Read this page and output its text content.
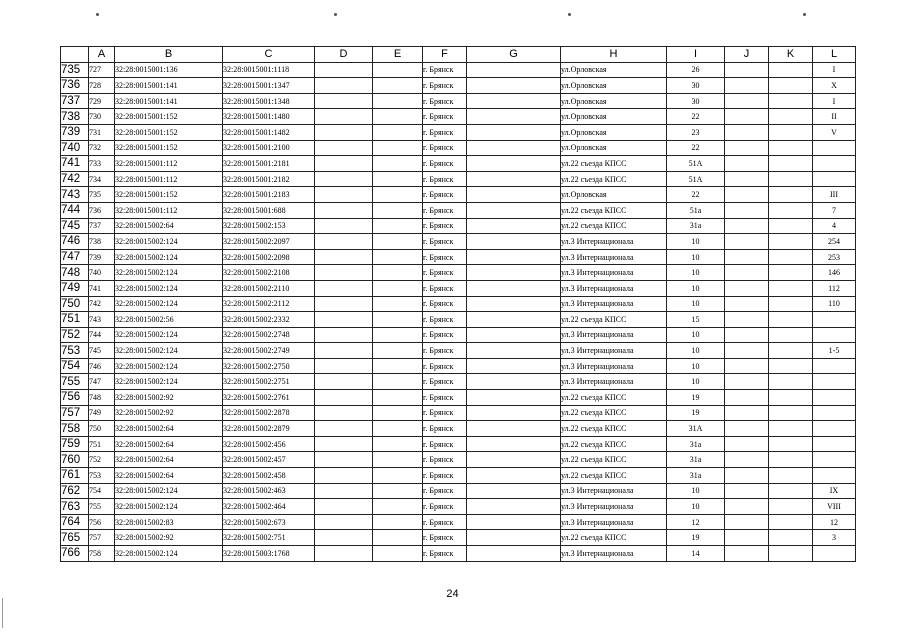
	A	B	C	D	E	F	G	H	I	J	K	L
735	727	32:28:0015001:136	32:28:0015001:1118			г. Брянск		ул.Орловская	26			I
736	728	32:28:0015001:141	32:28:0015001:1347			г. Брянск		ул.Орловская	30			X
737	729	32:28:0015001:141	32:28:0015001:1348			г. Брянск		ул.Орловская	30			I
738	730	32:28:0015001:152	32:28:0015001:1480			г. Брянск		ул.Орловская	22			II
739	731	32:28:0015001:152	32:28:0015001:1482			г. Брянск		ул.Орловская	23			V
740	732	32:28:0015001:152	32:28:0015001:2100			г. Брянск		ул.Орловская	22			
741	733	32:28:0015001:112	32:28:0015001:2181			г. Брянск		ул.22 съезда КПСС	51А			
742	734	32:28:0015001:112	32:28:0015001:2182			г. Брянск		ул.22 съезда КПСС	51А			
743	735	32:28:0015001:152	32:28:0015001:2183			г. Брянск		ул.Орловская	22			III
744	736	32:28:0015001:112	32:28:0015001:688			г. Брянск		ул.22 съезда КПСС	51а			7
745	737	32:28:0015002:64	32:28:0015002:153			г. Брянск		ул.22 съезда КПСС	31а			4
746	738	32:28:0015002:124	32:28:0015002:2097			г. Брянск		ул.3 Интернационала	10			254
747	739	32:28:0015002:124	32:28:0015002:2098			г. Брянск		ул.3 Интернационала	10			253
748	740	32:28:0015002:124	32:28:0015002:2108			г. Брянск		ул.3 Интернационала	10			146
749	741	32:28:0015002:124	32:28:0015002:2110			г. Брянск		ул.3 Интернационала	10			112
750	742	32:28:0015002:124	32:28:0015002:2112			г. Брянск		ул.3 Интернационала	10			110
751	743	32:28:0015002:56	32:28:0015002:2332			г. Брянск		ул.22 съезда КПСС	15			
752	744	32:28:0015002:124	32:28:0015002:2748			г. Брянск		ул.3 Интернационала	10			
753	745	32:28:0015002:124	32:28:0015002:2749			г. Брянск		ул.3 Интернационала	10			1-5
754	746	32:28:0015002:124	32:28:0015002:2750			г. Брянск		ул.3 Интернационала	10			
755	747	32:28:0015002:124	32:28:0015002:2751			г. Брянск		ул.3 Интернационала	10			
756	748	32:28:0015002:92	32:28:0015002:2761			г. Брянск		ул.22 съезда КПСС	19			
757	749	32:28:0015002:92	32:28:0015002:2878			г. Брянск		ул.22 съезда КПСС	19			
758	750	32:28:0015002:64	32:28:0015002:2879			г. Брянск		ул.22 съезда КПСС	31А			
759	751	32:28:0015002:64	32:28:0015002:456			г. Брянск		ул.22 съезда КПСС	31а			
760	752	32:28:0015002:64	32:28:0015002:457			г. Брянск		ул.22 съезда КПСС	31а			
761	753	32:28:0015002:64	32:28:0015002:458			г. Брянск		ул.22 съезда КПСС	31а			
762	754	32:28:0015002:124	32:28:0015002:463			г. Брянск		ул.3 Интернационала	10			IX
763	755	32:28:0015002:124	32:28:0015002:464			г. Брянск		ул.3 Интернационала	10			VIII
764	756	32:28:0015002:83	32:28:0015002:673			г. Брянск		ул.3 Интернационала	12			12
765	757	32:28:0015002:92	32:28:0015002:751			г. Брянск		ул.22 съезда КПСС	19			3
766	758	32:28:0015002:124	32:28:0015003:1768			г. Брянск		ул.3 Интернационала	14			
24
